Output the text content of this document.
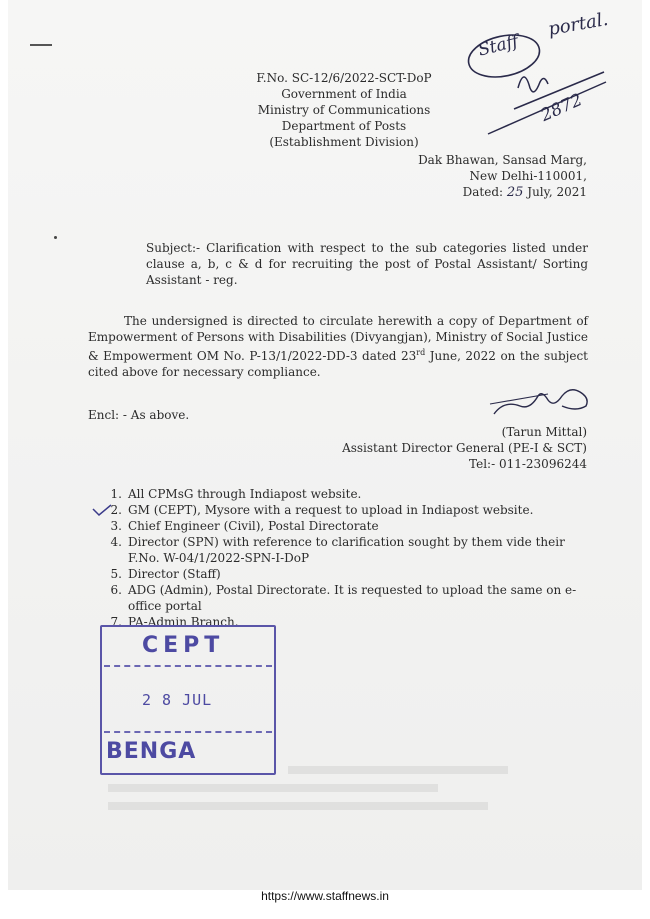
F.No. SC-12/6/2022-SCT-DoP
Government of India
Ministry of Communications
Department of Posts
(Establishment Division)
Staff
portal.
2872
Dak Bhawan, Sansad Marg,
New Delhi-110001,
Dated: 25 July, 2021
Subject:- Clarification with respect to the sub categories listed under clause a, b, c & d for recruiting the post of Postal Assistant/ Sorting Assistant - reg.
The undersigned is directed to circulate herewith a copy of Department of Empowerment of Persons with Disabilities (Divyangjan), Ministry of Social Justice & Empowerment OM No. P-13/1/2022-DD-3 dated 23rd June, 2022 on the subject cited above for necessary compliance.
Encl: - As above.
(Tarun Mittal)
Assistant Director General (PE-I & SCT)
Tel:- 011-23096244
1. All CPMsG through Indiapost website.
2. GM (CEPT), Mysore with a request to upload in Indiapost website.
3. Chief Engineer (Civil), Postal Directorate
4. Director (SPN) with reference to clarification sought by them vide their F.No. W-04/1/2022-SPN-I-DoP
5. Director (Staff)
6. ADG (Admin), Postal Directorate. It is requested to upload the same on e-office portal
7. PA-Admin Branch.
CEPT
2 8 JUL
BENGA
https://www.staffnews.in
